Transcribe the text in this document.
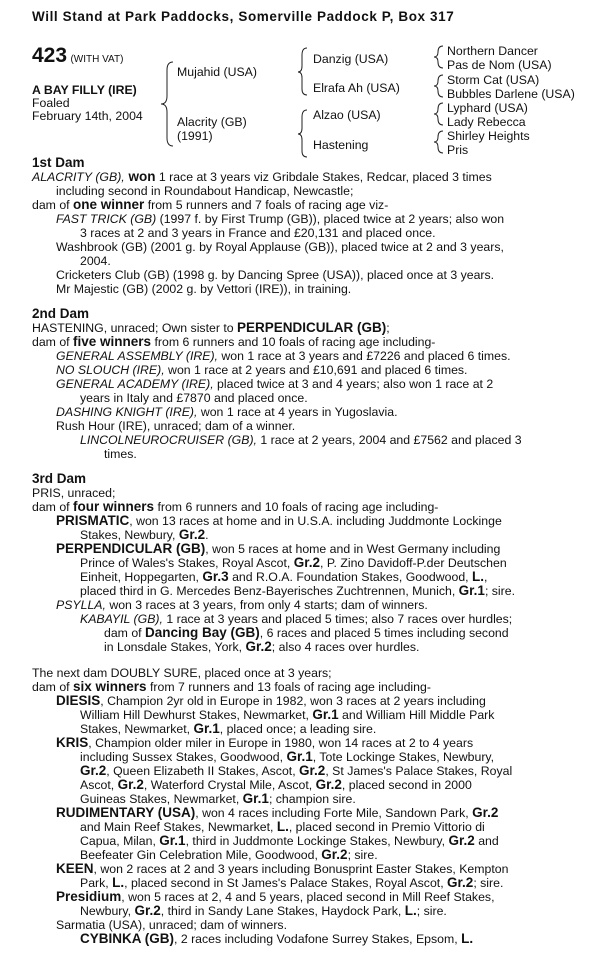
Will Stand at Park Paddocks, Somerville Paddock P, Box 317
423 (WITH VAT)
A BAY FILLY (IRE)
Foaled
February 14th, 2004
Mujahid (USA)
Alacrity (GB)
(1991)
Danzig (USA)
Elrafa Ah (USA)
Alzao (USA)
Hastening
Northern Dancer
Pas de Nom (USA)
Storm Cat (USA)
Bubbles Darlene (USA)
Lyphard (USA)
Lady Rebecca
Shirley Heights
Pris
1st Dam
ALACRITY (GB), won 1 race at 3 years viz Gribdale Stakes, Redcar, placed 3 times
including second in Roundabout Handicap, Newcastle;
dam of one winner from 5 runners and 7 foals of racing age viz-
FAST TRICK (GB) (1997 f. by First Trump (GB)), placed twice at 2 years; also won
3 races at 2 and 3 years in France and £20,131 and placed once.
Washbrook (GB) (2001 g. by Royal Applause (GB)), placed twice at 2 and 3 years,
2004.
Cricketers Club (GB) (1998 g. by Dancing Spree (USA)), placed once at 3 years.
Mr Majestic (GB) (2002 g. by Vettori (IRE)), in training.
2nd Dam
HASTENING, unraced; Own sister to PERPENDICULAR (GB);
dam of five winners from 6 runners and 10 foals of racing age including-
GENERAL ASSEMBLY (IRE), won 1 race at 3 years and £7226 and placed 6 times.
NO SLOUCH (IRE), won 1 race at 2 years and £10,691 and placed 6 times.
GENERAL ACADEMY (IRE), placed twice at 3 and 4 years; also won 1 race at 2
years in Italy and £7870 and placed once.
DASHING KNIGHT (IRE), won 1 race at 4 years in Yugoslavia.
Rush Hour (IRE), unraced; dam of a winner.
LINCOLNEUROCRUISER (GB), 1 race at 2 years, 2004 and £7562 and placed 3
times.
3rd Dam
PRIS, unraced;
dam of four winners from 6 runners and 10 foals of racing age including-
PRISMATIC, won 13 races at home and in U.S.A. including Juddmonte Lockinge
Stakes, Newbury, Gr.2.
PERPENDICULAR (GB), won 5 races at home and in West Germany including
Prince of Wales's Stakes, Royal Ascot, Gr.2, P. Zino Davidoff-P.der Deutschen
Einheit, Hoppegarten, Gr.3 and R.O.A. Foundation Stakes, Goodwood, L.,
placed third in G. Mercedes Benz-Bayerisches Zuchtrennen, Munich, Gr.1; sire.
PSYLLA, won 3 races at 3 years, from only 4 starts; dam of winners.
KABAYIL (GB), 1 race at 3 years and placed 5 times; also 7 races over hurdles;
dam of Dancing Bay (GB), 6 races and placed 5 times including second
in Lonsdale Stakes, York, Gr.2; also 4 races over hurdles.
The next dam DOUBLY SURE, placed once at 3 years;
dam of six winners from 7 runners and 13 foals of racing age including-
DIESIS, Champion 2yr old in Europe in 1982, won 3 races at 2 years including
William Hill Dewhurst Stakes, Newmarket, Gr.1 and William Hill Middle Park
Stakes, Newmarket, Gr.1, placed once; a leading sire.
KRIS, Champion older miler in Europe in 1980, won 14 races at 2 to 4 years
including Sussex Stakes, Goodwood, Gr.1, Tote Lockinge Stakes, Newbury,
Gr.2, Queen Elizabeth II Stakes, Ascot, Gr.2, St James's Palace Stakes, Royal
Ascot, Gr.2, Waterford Crystal Mile, Ascot, Gr.2, placed second in 2000
Guineas Stakes, Newmarket, Gr.1; champion sire.
RUDIMENTARY (USA), won 4 races including Forte Mile, Sandown Park, Gr.2
and Main Reef Stakes, Newmarket, L., placed second in Premio Vittorio di
Capua, Milan, Gr.1, third in Juddmonte Lockinge Stakes, Newbury, Gr.2 and
Beefeater Gin Celebration Mile, Goodwood, Gr.2; sire.
KEEN, won 2 races at 2 and 3 years including Bonusprint Easter Stakes, Kempton
Park, L., placed second in St James's Palace Stakes, Royal Ascot, Gr.2; sire.
Presidium, won 5 races at 2, 4 and 5 years, placed second in Mill Reef Stakes,
Newbury, Gr.2, third in Sandy Lane Stakes, Haydock Park, L.; sire.
Sarmatia (USA), unraced; dam of winners.
CYBINKA (GB), 2 races including Vodafone Surrey Stakes, Epsom, L.
